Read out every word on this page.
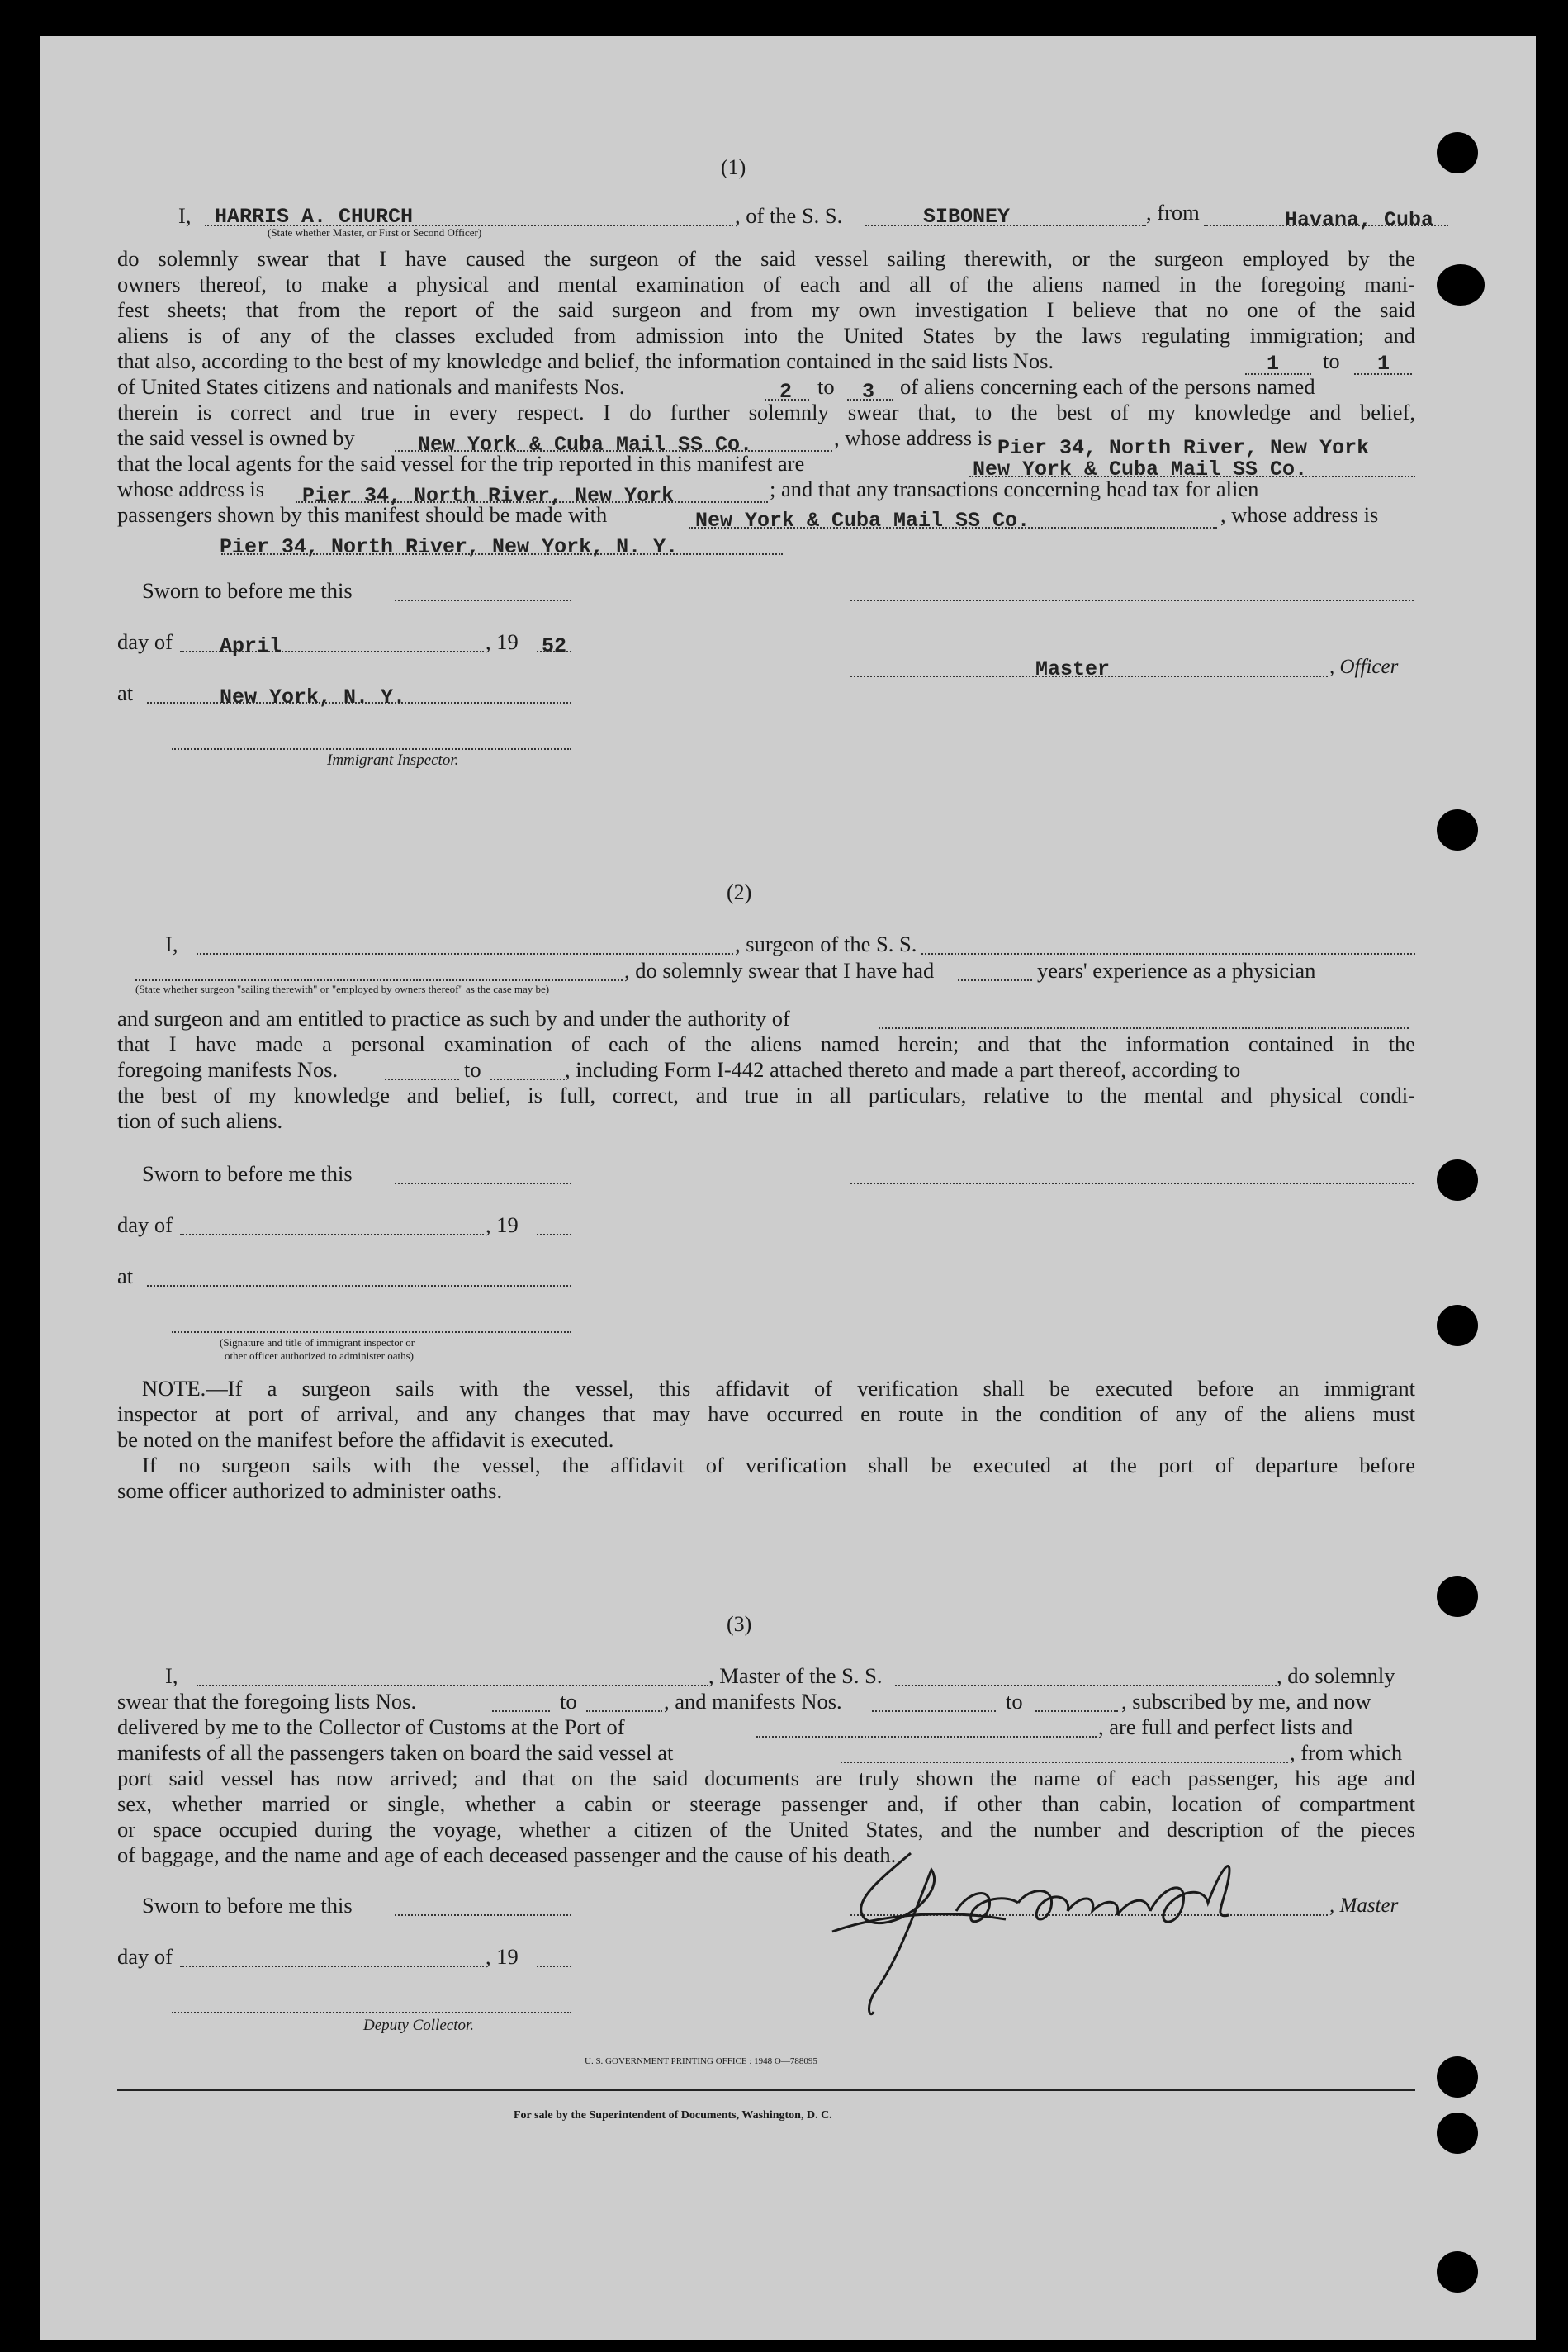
(1)
I, HARRIS A. CHURCH
(State whether Master, or First or Second Officer)
, of the S. S.	SIBONEY	, from	Havana, Cuba
do solemnly swear that I have caused the surgeon of the said vessel sailing therewith, or the surgeon employed by the
owners thereof, to make a physical and mental examination of each and all of the aliens named in the foregoing mani-
fest sheets; that from the report of the said surgeon and from my own investigation I believe that no one of the said
aliens is of any of the classes excluded from admission into the United States by the laws regulating immigration; and
that also, according to the best of my knowledge and belief, the information contained in the said lists Nos.	1 to 1
of United States citizens and nationals and manifests Nos.	2 to 3 of aliens concerning each of the persons named
therein is correct and true in every respect. I do further solemnly swear that, to the best of my knowledge and belief,
the said vessel is owned by	New York & Cuba Mail SS Co.	, whose address is Pier 34, North River, New York
that the local agents for the said vessel for the trip reported in this manifest are	New York & Cuba Mail SS Co.
whose address is Pier 34, North River, New York	; and that any transactions concerning head tax for alien
passengers shown by this manifest should be made with	New York & Cuba Mail SS Co.	, whose address is
Pier 34, North River, New York, N. Y.
Sworn to before me this
day of April	, 19 52
Master	, Officer
at	New York, N. Y.
Immigrant Inspector.
(2)
I,	, surgeon of the S. S.
, do solemnly swear that I have had	years' experience as a physician
(State whether surgeon "sailing therewith" or "employed by owners thereof" as the case may be)
and surgeon and am entitled to practice as such by and under the authority of
that I have made a personal examination of each of the aliens named herein; and that the information contained in the
foregoing manifests Nos.	to	, including Form I-442 attached thereto and made a part thereof, according to
the best of my knowledge and belief, is full, correct, and true in all particulars, relative to the mental and physical condi-
tion of such aliens.
Sworn to before me this
day of	, 19
at
(Signature and title of immigrant inspector or
other officer authorized to administer oaths)
NOTE.—If a surgeon sails with the vessel, this affidavit of verification shall be executed before an immigrant
inspector at port of arrival, and any changes that may have occurred en route in the condition of any of the aliens must
be noted on the manifest before the affidavit is executed.
If no surgeon sails with the vessel, the affidavit of verification shall be executed at the port of departure before
some officer authorized to administer oaths.
(3)
I,	, Master of the S. S.	, do solemnly
swear that the foregoing lists Nos.	to	, and manifests Nos.	to	, subscribed by me, and now
delivered by me to the Collector of Customs at the Port of	, are full and perfect lists and
manifests of all the passengers taken on board the said vessel at	, from which
port said vessel has now arrived; and that on the said documents are truly shown the name of each passenger, his age and
sex, whether married or single, whether a cabin or steerage passenger and, if other than cabin, location of compartment
or space occupied during the voyage, whether a citizen of the United States, and the number and description of the pieces
of baggage, and the name and age of each deceased passenger and the cause of his death.
Sworn to before me this	, Master
day of	, 19
Deputy Collector.
U. S. GOVERNMENT PRINTING OFFICE : 1948 O—788095
For sale by the Superintendent of Documents, Washington, D. C.
